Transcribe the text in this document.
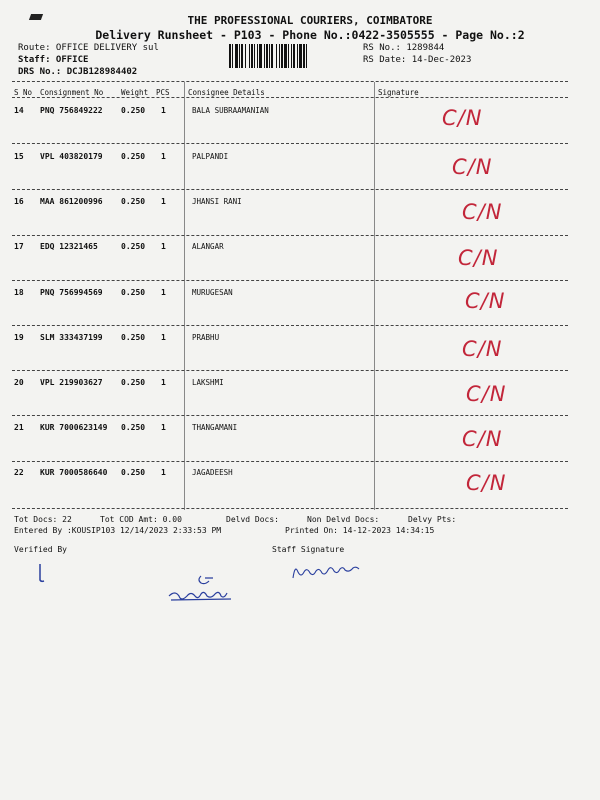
THE PROFESSIONAL COURIERS, COIMBATORE
Delivery Runsheet - P103 - Phone No.:0422-3505555 - Page No.:2
Route: OFFICE DELIVERY sul
Staff: OFFICE
DRS No.: DCJB128984402
RS No.: 1289844
RS Date: 14-Dec-2023
S No Consignment No Weight PCS Consignee Details	Signature
14 PNQ 756849222 0.250 1	BALA SUBRAAMANIAN	C/N
15 VPL 403820179 0.250 1	PALPANDI	C/N
16 MAA 861200996 0.250 1	JHANSI RANI	C/N
17 EDQ 12321465	0.250 1	ALANGAR	C/N
18 PNQ 756994569 0.250 1	MURUGESAN	C/N
19 SLM 333437199 0.250 1	PRABHU	C/N
20 VPL 219903627 0.250 1	LAKSHMI	C/N
21 KUR 7000623149 0.250 1	THANGAMANI	C/N
22 KUR 7000586640 0.250 1	JAGADEESH	C/N
Tot Docs: 22	Tot COD Amt: 0.00	Delvd Docs:	Non Delvd Docs:	Delvy Pts:
Entered By :KOUSIP103 12/14/2023 2:33:53 PM	Printed On: 14-12-2023 14:34:15
Verified By	Staff Signature
